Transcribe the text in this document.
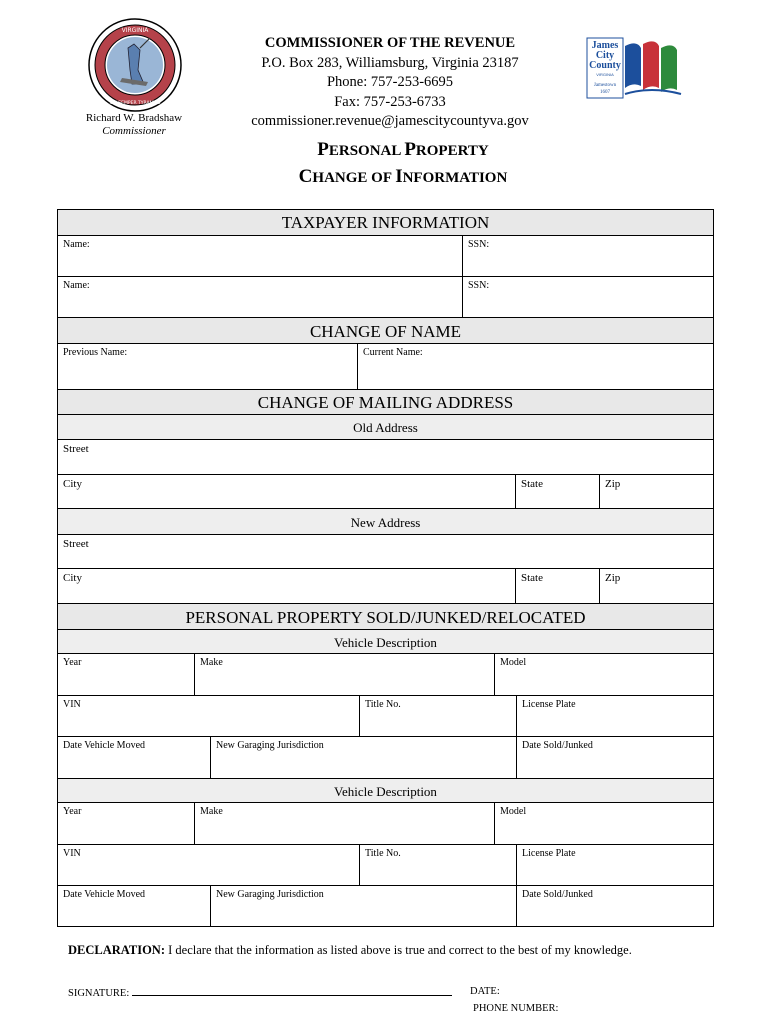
VIRGINIA
SIC SEMPER TYRANNIS
Richard W. Bradshaw
Commissioner
COMMISSIONER OF THE REVENUE
P.O. Box 283, Williamsburg, Virginia 23187
Phone: 757-253-6695
Fax: 757-253-6733
commissioner.revenue@jamescitycountyva.gov
James
City
County
VIRGINIA
Jamestown
1607
PERSONAL PROPERTY
CHANGE OF INFORMATION
TAXPAYER INFORMATION
Name:	SSN:
Name:	SSN:
CHANGE OF NAME
Previous Name:	Current Name:
CHANGE OF MAILING ADDRESS
Old Address
Street
City	State	Zip
New Address
Street
City	State	Zip
PERSONAL PROPERTY SOLD/JUNKED/RELOCATED
Vehicle Description
Year	Make	Model
VIN	Title No.	License Plate
Date Vehicle Moved	New Garaging Jurisdiction	Date Sold/Junked
Vehicle Description
Year	Make	Model
VIN	Title No.	License Plate
Date Vehicle Moved	New Garaging Jurisdiction	Date Sold/Junked
DECLARATION: I declare that the information as listed above is true and correct to the best of my knowledge.
SIGNATURE:	DATE:
PHONE NUMBER:
